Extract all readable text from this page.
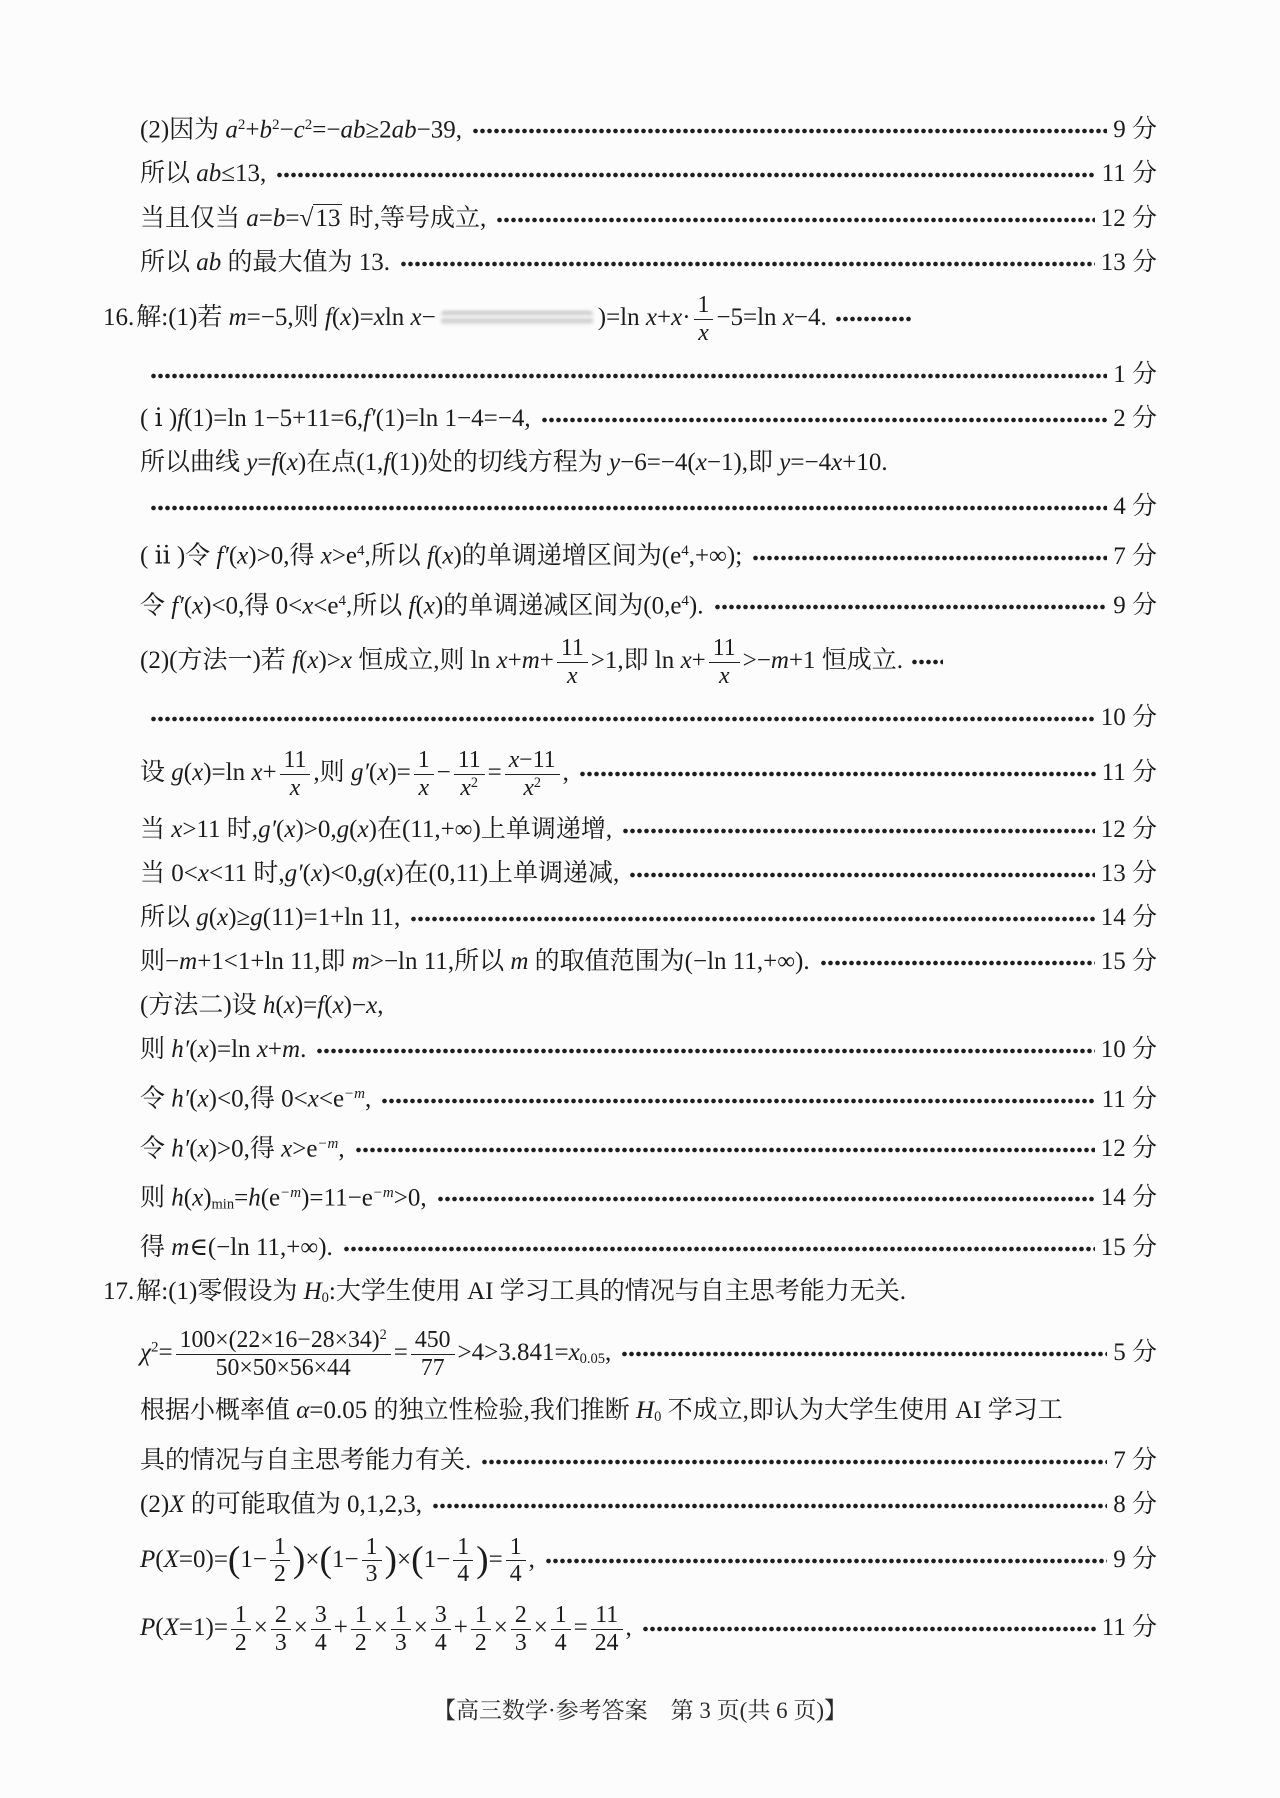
(2)因为 $a^2+b^2-c^2=-ab\ge 2ab-39$,	9 分
所以 ab≤13,	11 分
当且仅当 a=b=√13 时,等号成立,	12 分
所以 ab 的最大值为 13.	13 分
16. 解:(1)若 m=−5,则 f(x)=xln x−	)=ln $x+x\cdot \frac{1}{x} -5=\ln$ x−4.
1 分
( ⅰ )f(1)=ln 1−5+11=6,f′(1)=ln 1−4=−4,	2 分
所以曲线 y=f(x)在点(1,f(1))处的切线方程为 y−6=−4(x−1),即 y=−4x+10.
4 分
( ⅱ )令 f′(x)>0,得 $x>e^4$,所以 f(x)的单调递增区间为$(e^4,+\infty)$;	7 分
令 f′(x)<0,得 $0<x<e^4$,所以 f(x)的单调递减区间为$(0,e^4)$.	9 分
(2)(方法一)若 f(x)>x 恒成立,则 $\ln x+m+ \frac{11}{x} >1$,即 $\ln x+ \frac{11}{x} >-m+1$ 恒成立.
10 分
设 g(x)=ln $x+ \frac{11}{x}$ ,则 $g'(x)= \frac{1}{x} - \frac{11}{x^2} = \frac{x-11}{x^2}$ ,	11 分
当 x>11 时,g′(x)>0,g(x)在(11,+∞)上单调递增,	12 分
当 0<x<11 时,g′(x)<0,g(x)在(0,11)上单调递减,	13 分
所以 g(x)≥g(11)=1+ln 11,	14 分
则−m+1<1+ln 11,即 m>−ln 11,所以 m 的取值范围为(−ln 11,+∞).	15 分
(方法二)设 h(x)=f(x)−x,
则 h′(x)=ln x+m.	10 分
令 h′(x)<0,得 $0<x<e^{-m}$,	11 分
令 h′(x)>0,得 $x>e^{-m}$,	12 分
则 $h(x)\min=h(e^{-m})=11-e^{-m}>0$,	14 分
得 m∈(−ln 11,+∞).	15 分
17. 解:(1)零假设为 H0:大学生使用 AI 学习工具的情况与自主思考能力无关.
$\chi^2= \frac{100\times(22\times 16-28\times 34)^2}{50\times 50\times 56\times 44} = \frac{450}{77} >4>3.841=x0.05$,	5 分
根据小概率值 α=0.05 的独立性检验,我们推断 H0 不成立,即认为大学生使用 AI 学习工
具的情况与自主思考能力有关.	7 分
(2)X 的可能取值为 0,1,2,3,	8 分
$P(X=0)=(1- \frac{1}{2} )\times(1- \frac{1}{3} )\times(1- \frac{1}{4}$ )= $\frac{1}{4}$ ,	9 分
$P(X=1)= \frac{1}{2} \times \frac{2}{3} \times \frac{3}{4} + \frac{1}{2} \times \frac{1}{3} \times \frac{3}{4} + \frac{1}{2} \times \frac{2}{3} \times \frac{1}{4} = \frac{11}{24}$ ,	11 分
【高三数学·参考答案　第 3 页(共 6 页)】
